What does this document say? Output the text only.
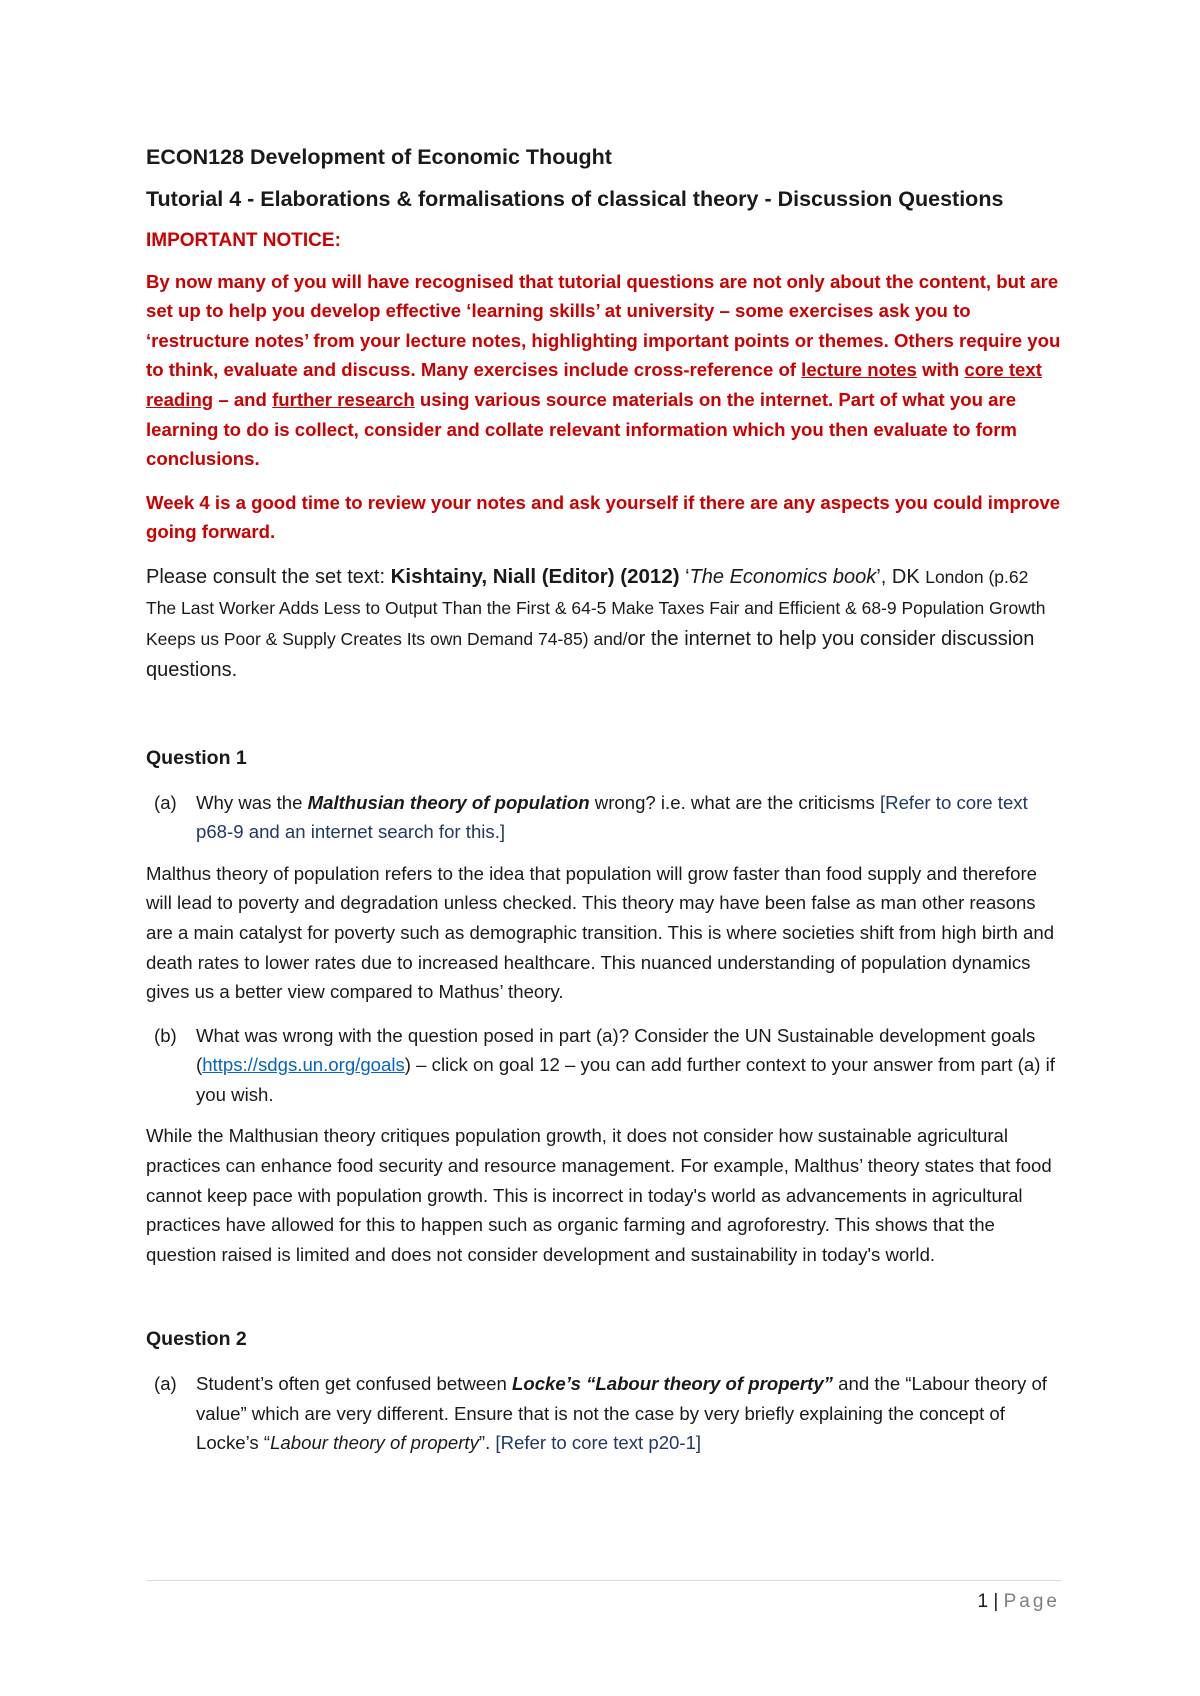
ECON128 Development of Economic Thought
Tutorial 4 - Elaborations & formalisations of classical theory - Discussion Questions
IMPORTANT NOTICE:
By now many of you will have recognised that tutorial questions are not only about the content, but are set up to help you develop effective ‘learning skills’ at university – some exercises ask you to ‘restructure notes’ from your lecture notes, highlighting important points or themes. Others require you to think, evaluate and discuss. Many exercises include cross-reference of lecture notes with core text reading – and further research using various source materials on the internet. Part of what you are learning to do is collect, consider and collate relevant information which you then evaluate to form conclusions.
Week 4 is a good time to review your notes and ask yourself if there are any aspects you could improve going forward.
Please consult the set text: Kishtainy, Niall (Editor) (2012) ‘The Economics book’, DK London (p.62 The Last Worker Adds Less to Output Than the First & 64-5 Make Taxes Fair and Efficient & 68-9 Population Growth Keeps us Poor & Supply Creates Its own Demand 74-85) and/or the internet to help you consider discussion questions.
Question 1
(a)	Why was the Malthusian theory of population wrong? i.e. what are the criticisms [Refer to core text p68-9 and an internet search for this.]
Malthus theory of population refers to the idea that population will grow faster than food supply and therefore will lead to poverty and degradation unless checked. This theory may have been false as man other reasons are a main catalyst for poverty such as demographic transition. This is where societies shift from high birth and death rates to lower rates due to increased healthcare. This nuanced understanding of population dynamics gives us a better view compared to Mathus’ theory.
(b)	What was wrong with the question posed in part (a)? Consider the UN Sustainable development goals (https://sdgs.un.org/goals) – click on goal 12 – you can add further context to your answer from part (a) if you wish.
While the Malthusian theory critiques population growth, it does not consider how sustainable agricultural practices can enhance food security and resource management. For example, Malthus’ theory states that food cannot keep pace with population growth. This is incorrect in today's world as advancements in agricultural practices have allowed for this to happen such as organic farming and agroforestry. This shows that the question raised is limited and does not consider development and sustainability in today's world.
Question 2
(a)	Student’s often get confused between Locke’s “Labour theory of property” and the “Labour theory of value” which are very different. Ensure that is not the case by very briefly explaining the concept of Locke’s “Labour theory of property”. [Refer to core text p20-1]
1 | Page
